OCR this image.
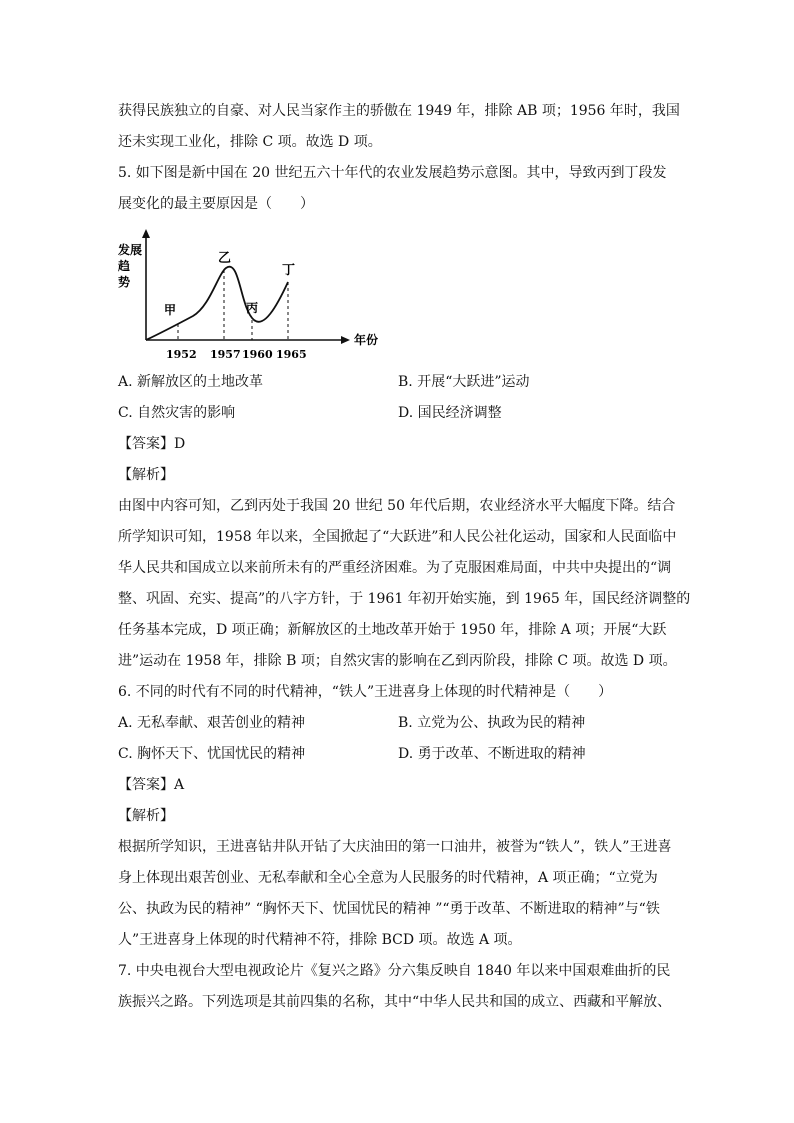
获得民族独立的自豪、对人民当家作主的骄傲在 1949 年，排除 AB 项；1956 年时，我国
还未实现工业化，排除 C 项。故选 D 项。
5. 如下图是新中国在 20 世纪五六十年代的农业发展趋势示意图。其中，导致丙到丁段发
展变化的最主要原因是（　　）
发展
趋
势
甲
乙
丙
丁
1952 1957 1960 1965
年份
A. 新解放区的土地改革	B. 开展“大跃进”运动
C. 自然灾害的影响	D. 国民经济调整
【答案】D
【解析】
由图中内容可知，乙到丙处于我国 20 世纪 50 年代后期，农业经济水平大幅度下降。结合
所学知识可知，1958 年以来，全国掀起了“大跃进”和人民公社化运动，国家和人民面临中
华人民共和国成立以来前所未有的严重经济困难。为了克服困难局面，中共中央提出的“调
整、巩固、充实、提高”的八字方针，于 1961 年初开始实施，到 1965 年，国民经济调整的
任务基本完成，D 项正确；新解放区的土地改革开始于 1950 年，排除 A 项；开展“大跃
进”运动在 1958 年，排除 B 项；自然灾害的影响在乙到丙阶段，排除 C 项。故选 D 项。
6. 不同的时代有不同的时代精神，“铁人”王进喜身上体现的时代精神是（　　）
A. 无私奉献、艰苦创业的精神	B. 立党为公、执政为民的精神
C. 胸怀天下、忧国忧民的精神	D. 勇于改革、不断进取的精神
【答案】A
【解析】
根据所学知识，王进喜钻井队开钻了大庆油田的第一口油井，被誉为“铁人”，铁人”王进喜
身上体现出艰苦创业、无私奉献和全心全意为人民服务的时代精神，A 项正确；“立党为
公、执政为民的精神” “胸怀天下、忧国忧民的精神 ”“勇于改革、不断进取的精神”与“铁
人”王进喜身上体现的时代精神不符，排除 BCD 项。故选 A 项。
7. 中央电视台大型电视政论片《复兴之路》分六集反映自 1840 年以来中国艰难曲折的民
族振兴之路。下列选项是其前四集的名称，其中“中华人民共和国的成立、西藏和平解放、
